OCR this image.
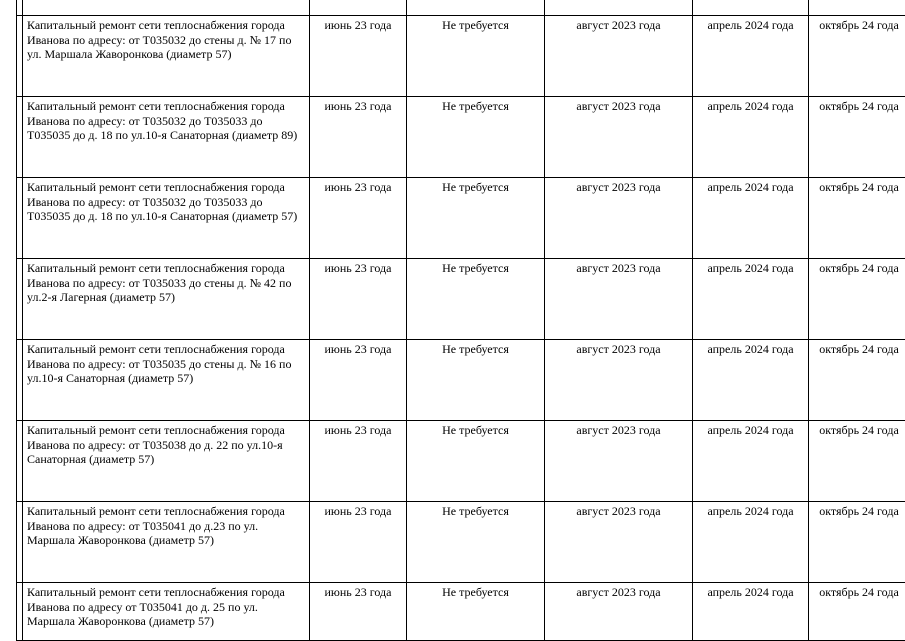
	Капитальный ремонт сети теплоснабжения города Иванова по адресу: от Т035032 до стены д. № 17 по ул. Маршала Жаворонкова (диаметр 57)	июнь 23 года	Не требуется	август 2023 года	апрель 2024 года	октябрь 24 года

	Капитальный ремонт сети теплоснабжения города Иванова по адресу: от Т035032 до Т035033 до Т035035 до д. 18 по ул.10-я Санаторная (диаметр 89)	июнь 23 года	Не требуется	август 2023 года	апрель 2024 года	октябрь 24 года

	Капитальный ремонт сети теплоснабжения города Иванова по адресу: от Т035032 до Т035033 до Т035035 до д. 18 по ул.10-я Санаторная (диаметр 57)	июнь 23 года	Не требуется	август 2023 года	апрель 2024 года	октябрь 24 года

	Капитальный ремонт сети теплоснабжения города Иванова по адресу: от Т035033 до стены д. № 42 по ул.2-я Лагерная (диаметр 57)	июнь 23 года	Не требуется	август 2023 года	апрель 2024 года	октябрь 24 года

	Капитальный ремонт сети теплоснабжения города Иванова по адресу: от Т035035 до стены д. № 16 по ул.10-я Санаторная (диаметр 57)	июнь 23 года	Не требуется	август 2023 года	апрель 2024 года	октябрь 24 года

	Капитальный ремонт сети теплоснабжения города Иванова по адресу: от Т035038 до д. 22 по ул.10-я Санаторная (диаметр 57)	июнь 23 года	Не требуется	август 2023 года	апрель 2024 года	октябрь 24 года

	Капитальный ремонт сети теплоснабжения города Иванова по адресу: от Т035041 до д.23 по ул. Маршала Жаворонкова (диаметр 57)	июнь 23 года	Не требуется	август 2023 года	апрель 2024 года	октябрь 24 года

	Капитальный ремонт сети теплоснабжения города Иванова по адресу от Т035041 до д. 25 по ул. Маршала Жаворонкова (диаметр 57)	июнь 23 года	Не требуется	август 2023 года	апрель 2024 года	октябрь 24 года
